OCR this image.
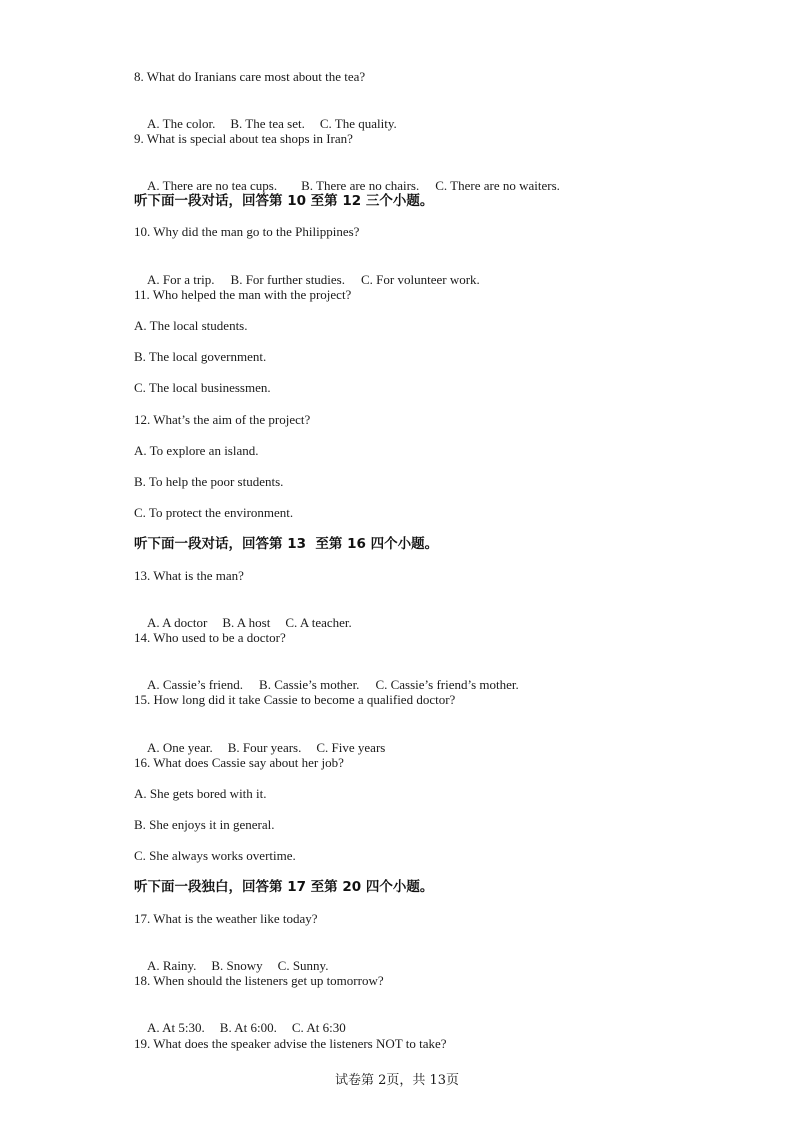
8. What do Iranians care most about the tea?

A. The color. B. The tea set. C. The quality.

9. What is special about tea shops in Iran?

A. There are no tea cups. B. There are no chairs. C. There are no waiters.

听下面一段对话，回答第 10 至第 12 三个小题。
10. Why did the man go to the Philippines?

A. For a trip. B. For further studies. C. For volunteer work.

11. Who helped the man with the project?
A. The local students.
B. The local government.
C. The local businessmen.
12. What’s the aim of the project?
A. To explore an island.
B. To help the poor students.
C. To protect the environment.
听下面一段对话，回答第 13  至第 16 四个小题。
13. What is the man?

A. A doctor B. A host C. A teacher.

14. Who used to be a doctor?

A. Cassie’s friend. B. Cassie’s mother. C. Cassie’s friend’s mother.

15. How long did it take Cassie to become a qualified doctor?

A. One year. B. Four years. C. Five years

16. What does Cassie say about her job?
A. She gets bored with it.
B. She enjoys it in general.
C. She always works overtime.
听下面一段独白，回答第 17 至第 20 四个小题。
17. What is the weather like today?

A. Rainy. B. Snowy C. Sunny.

18. When should the listeners get up tomorrow?

A. At 5:30. B. At 6:00. C. At 6:30

19. What does the speaker advise the listeners NOT to take?
试卷第 2页，共 13页
